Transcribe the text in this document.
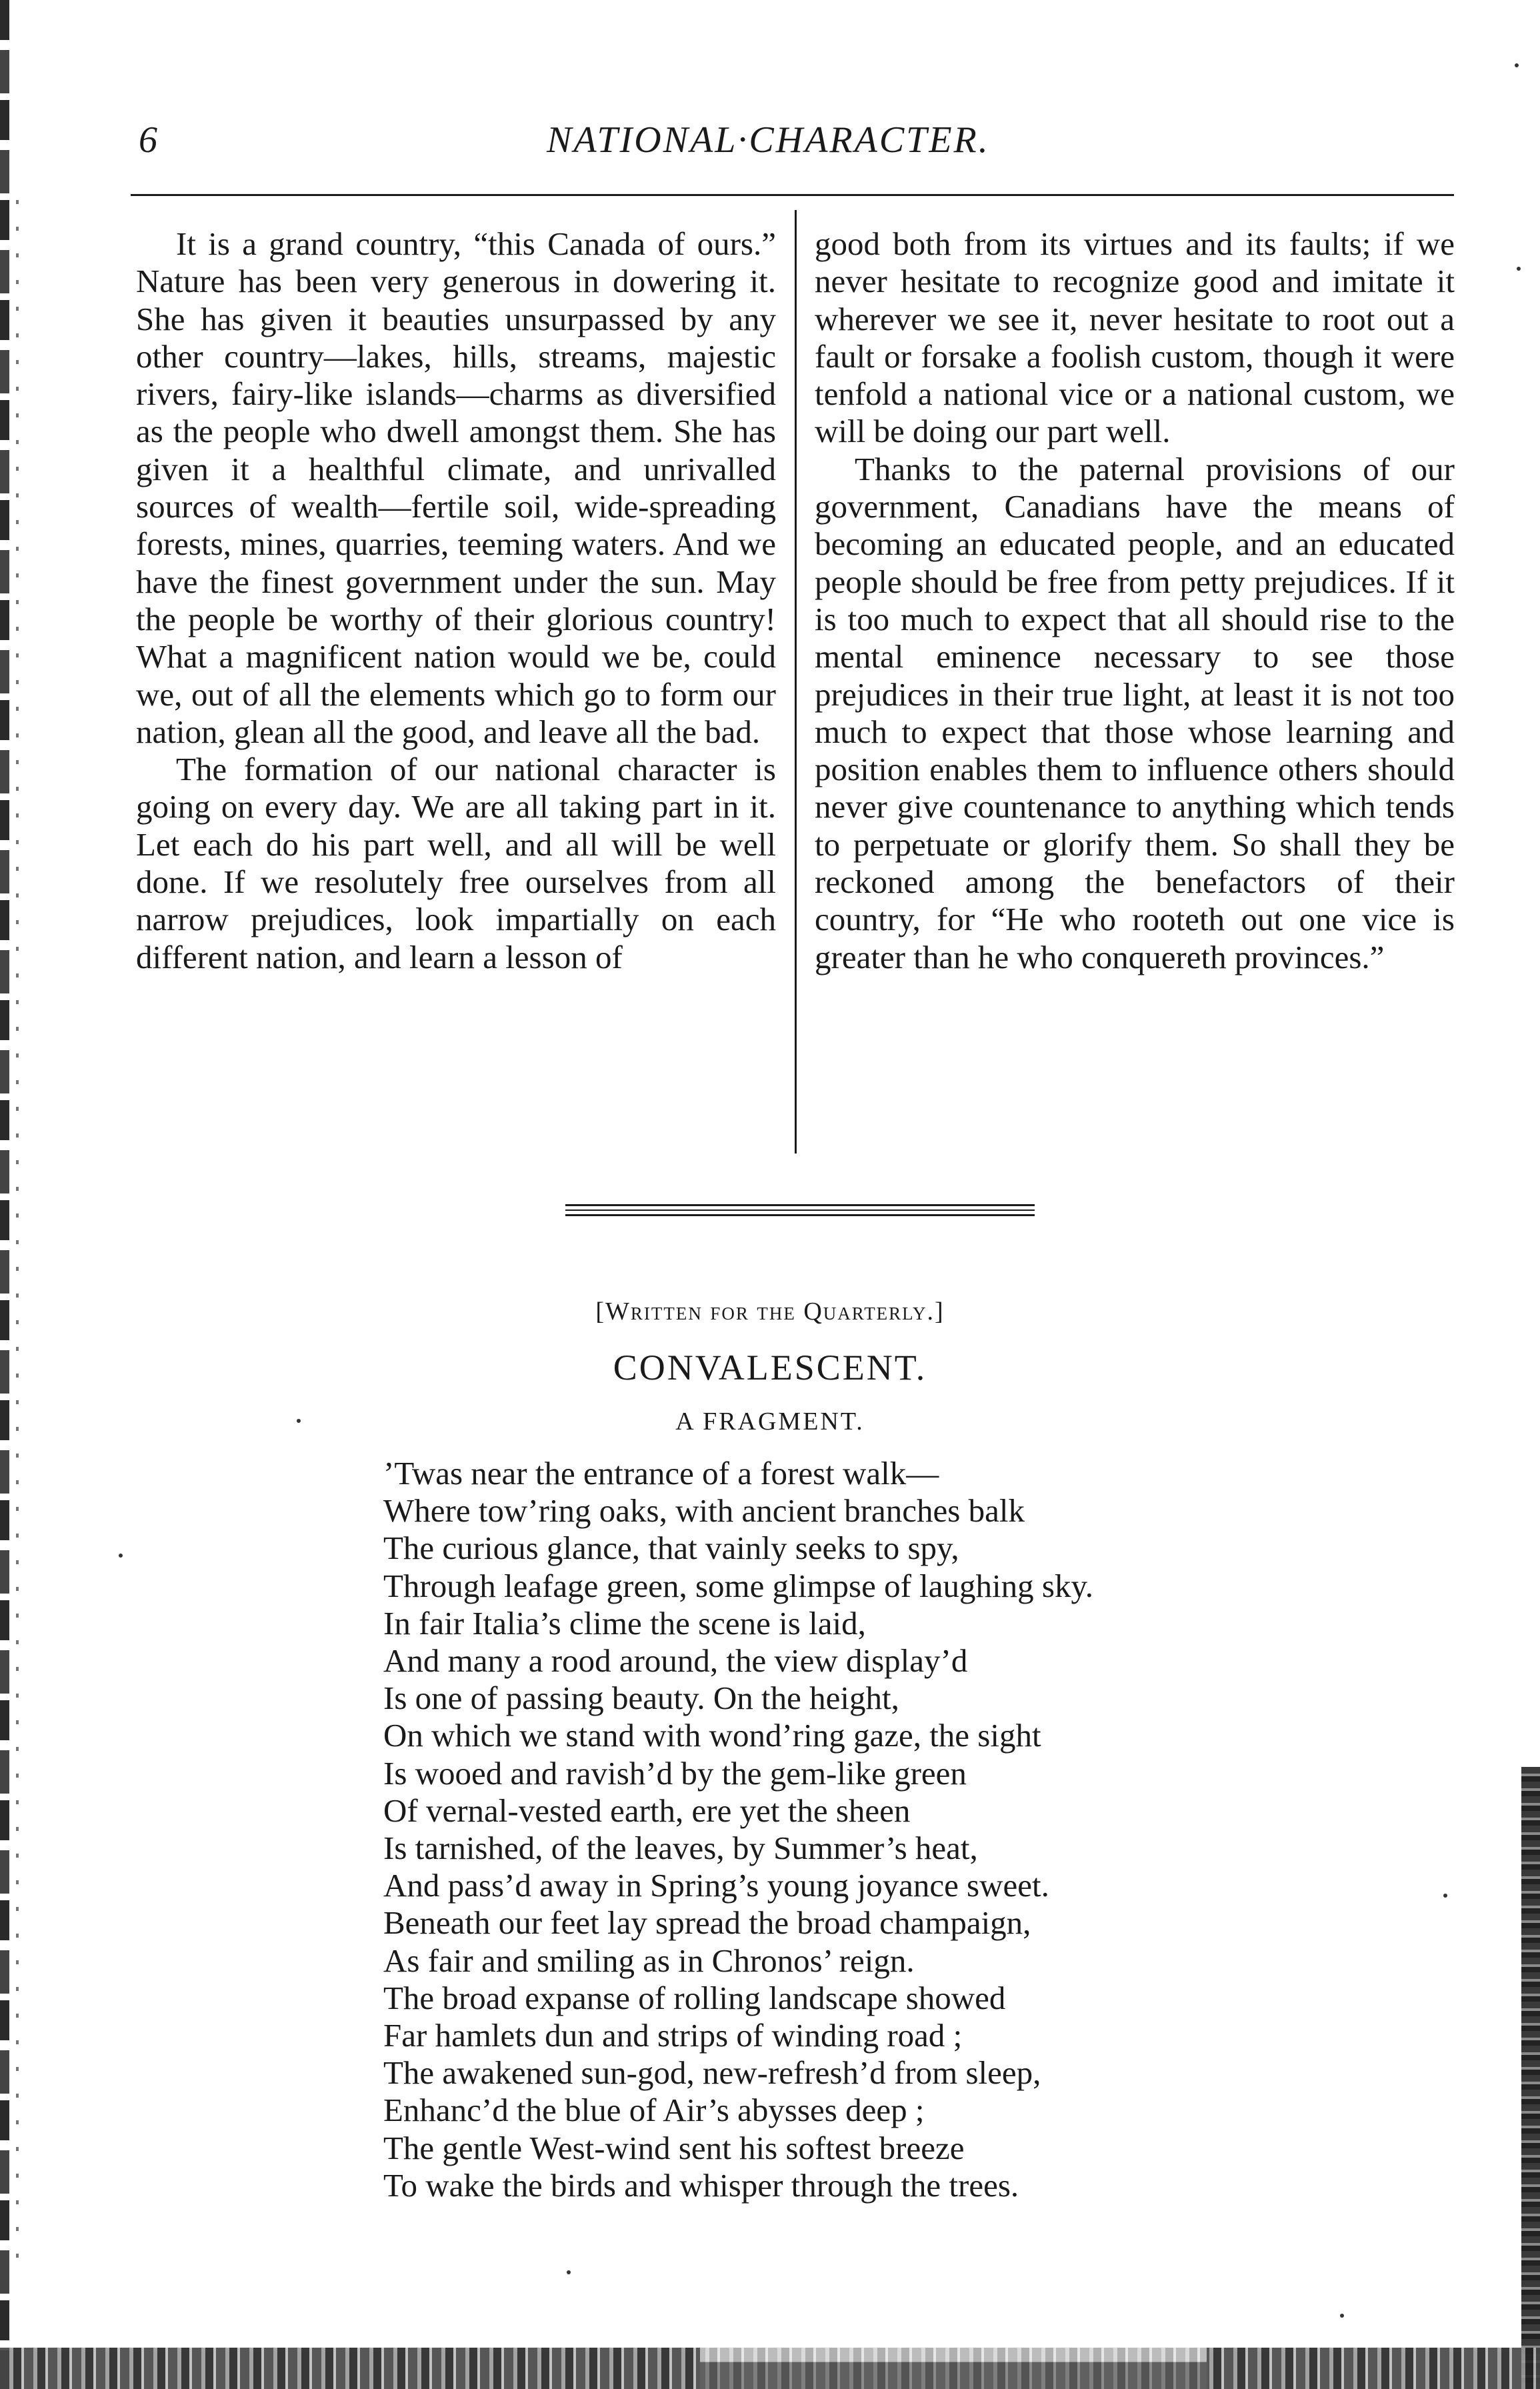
6	NATIONAL·CHARACTER.

It is a grand country, “this Canada of ours.” Nature has been very generous in dowering it. She has given it beauties unsurpassed by any other country—lakes, hills, streams, majestic rivers, fairy-like islands—charms as diversified as the people who dwell amongst them. She has given it a healthful climate, and unrivalled sources of wealth—fertile soil, wide-spreading forests, mines, quarries, teeming waters. And we have the finest government under the sun. May the people be worthy of their glorious country! What a magnificent nation would we be, could we, out of all the elements which go to form our nation, glean all the good, and leave all the bad.

The formation of our national character is going on every day. We are all taking part in it. Let each do his part well, and all will be well done. If we resolutely free ourselves from all narrow prejudices, look impartially on each different nation, and learn a lesson of

good both from its virtues and its faults; if we never hesitate to recognize good and imitate it wherever we see it, never hesitate to root out a fault or forsake a foolish custom, though it were tenfold a national vice or a national custom, we will be doing our part well.

Thanks to the paternal provisions of our government, Canadians have the means of becoming an educated people, and an educated people should be free from petty prejudices. If it is too much to expect that all should rise to the mental eminence necessary to see those prejudices in their true light, at least it is not too much to expect that those whose learning and position enables them to influence others should never give countenance to anything which tends to perpetuate or glorify them. So shall they be reckoned among the benefactors of their country, for “He who rooteth out one vice is greater than he who conquereth provinces.”

[Written for the Quarterly.]
CONVALESCENT.
A FRAGMENT.
’Twas near the entrance of a forest walk—
Where tow’ring oaks, with ancient branches balk
The curious glance, that vainly seeks to spy,
Through leafage green, some glimpse of laughing sky.
In fair Italia’s clime the scene is laid,
And many a rood around, the view display’d
Is one of passing beauty. On the height,
On which we stand with wond’ring gaze, the sight
Is wooed and ravish’d by the gem-like green
Of vernal-vested earth, ere yet the sheen
Is tarnished, of the leaves, by Summer’s heat,
And pass’d away in Spring’s young joyance sweet.
Beneath our feet lay spread the broad champaign,
As fair and smiling as in Chronos’ reign.
The broad expanse of rolling landscape showed
Far hamlets dun and strips of winding road ;
The awakened sun-god, new-refresh’d from sleep,
Enhanc’d the blue of Air’s abysses deep ;
The gentle West-wind sent his softest breeze
To wake the birds and whisper through the trees.
